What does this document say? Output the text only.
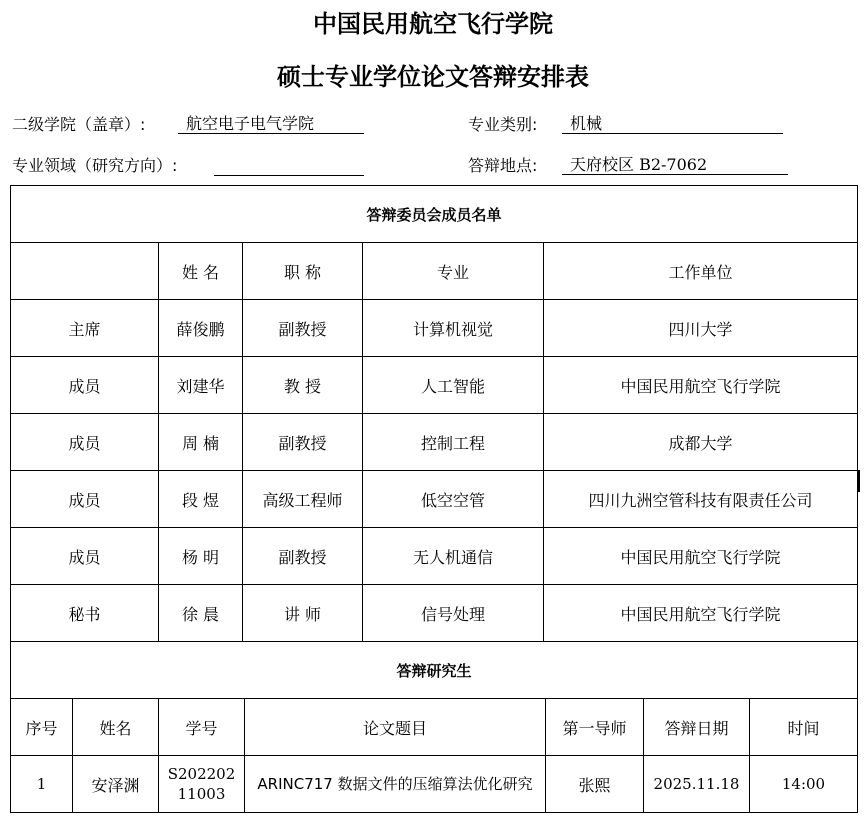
中国民用航空飞行学院
硕士专业学位论文答辩安排表
二级学院（盖章）:	航空电子电气学院	专业类别:	机械
专业领域（研究方向）:	答辩地点:	天府校区 B2-7062
答辩委员会成员名单									
		姓 名	职 称		专业	工作单位			
主席		薛俊鹏	副教授		计算机视觉	四川大学			
成员		刘建华	教 授		人工智能	中国民用航空飞行学院			
成员		周 楠	副教授		控制工程	成都大学			
成员		段 煜	高级工程师		低空空管	四川九洲空管科技有限责任公司			
成员		杨 明	副教授		无人机通信	中国民用航空飞行学院			
秘书		徐 晨	讲 师		信号处理	中国民用航空飞行学院			
答辩研究生									
序号	姓名	学号		论文题目			第一导师	答辩日期	时间
1	安泽渊	S20220211003		ARINC717 数据文件的压缩算法优化研究			张熙	2025.11.18	14:00
